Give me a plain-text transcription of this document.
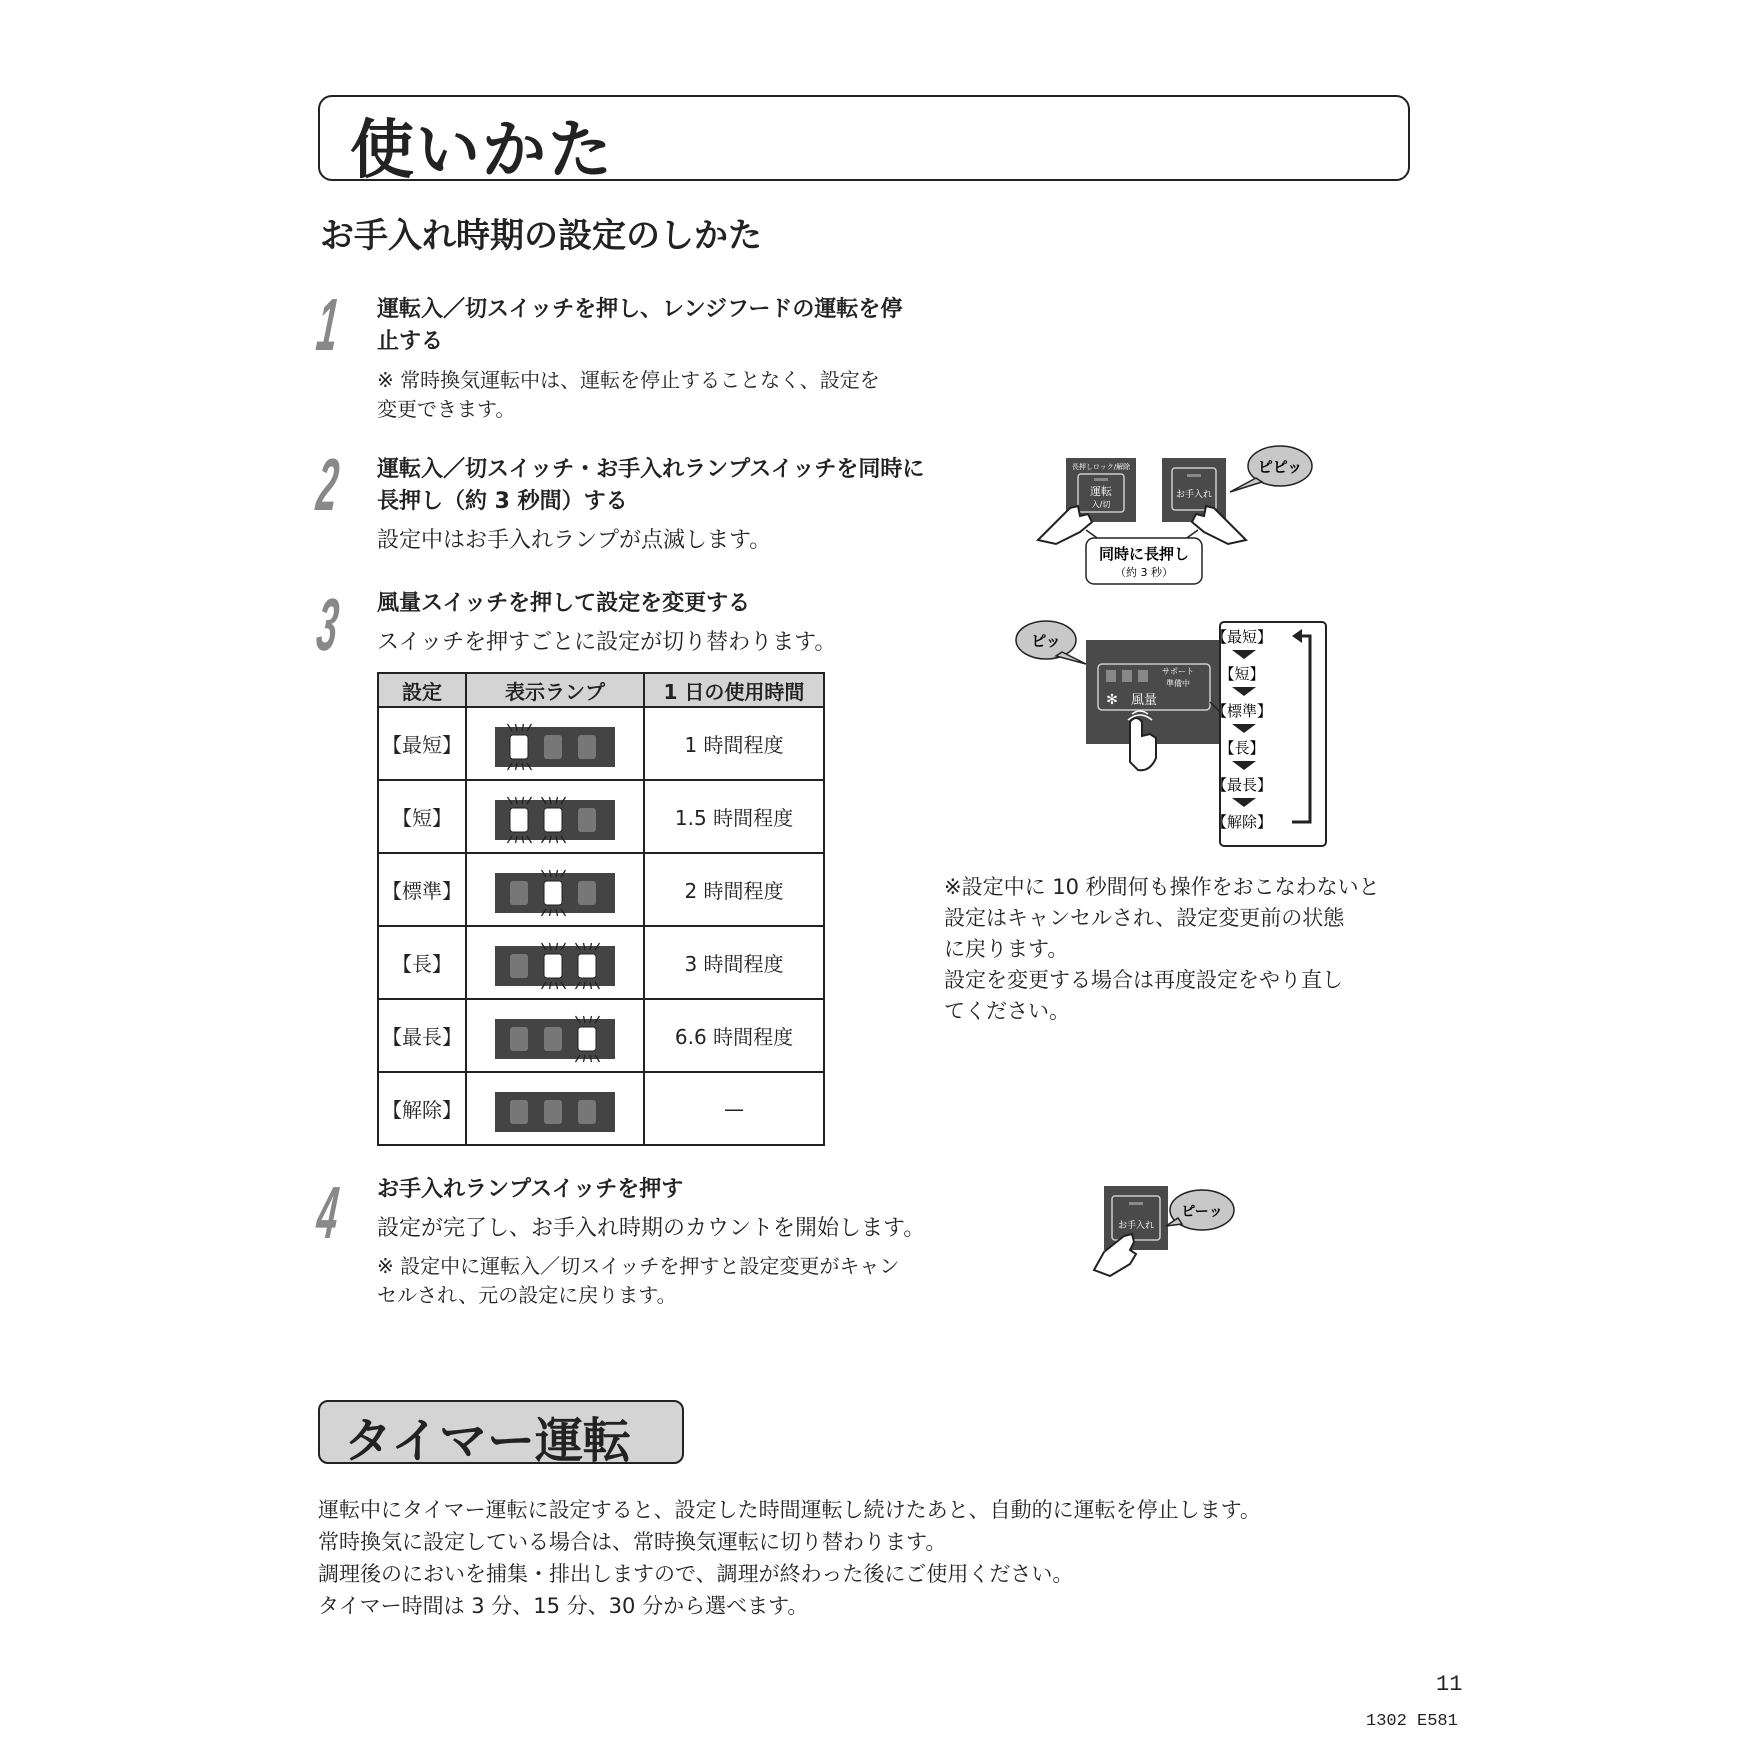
使いかた
お手入れ時期の設定のしかた
1 運転入／切スイッチを押し、レンジフードの運転を停
止する
※ 常時換気運転中は、運転を停止することなく、設定を
変更できます。
2 運転入／切スイッチ・お手入れランプスイッチを同時に
長押し（約 3 秒間）する
設定中はお手入れランプが点滅します。
3 風量スイッチを押して設定を変更する
スイッチを押すごとに設定が切り替わります。
設定	表示ランプ	1 日の使用時間
【最短】		1 時間程度
【短】		1.5 時間程度
【標準】		2 時間程度
【長】		3 時間程度
【最長】		6.6 時間程度
【解除】		—
4 お手入れランプスイッチを押す
設定が完了し、お手入れ時期のカウントを開始します。
※ 設定中に運転入／切スイッチを押すと設定変更がキャン
セルされ、元の設定に戻ります。
長押しロック/解除
運転
入/切
お手入れ
ピピッ
同時に長押し
（約 3 秒）
ピッ
サポート
準備中
✻ 風量
【最短】
【短】
【標準】
【長】
【最長】
【解除】

※設定中に 10 秒間何も操作をおこなわないと

設定はキャンセルされ、設定変更前の状態

に戻ります。

設定を変更する場合は再度設定をやり直し

てください。

お手入れ
ピーッ
タイマー運転
運転中にタイマー運転に設定すると、設定した時間運転し続けたあと、自動的に運転を停止します。
常時換気に設定している場合は、常時換気運転に切り替わります。
調理後のにおいを捕集・排出しますので、調理が終わった後にご使用ください。
タイマー時間は 3 分、15 分、30 分から選べます。
11
1302 E581
